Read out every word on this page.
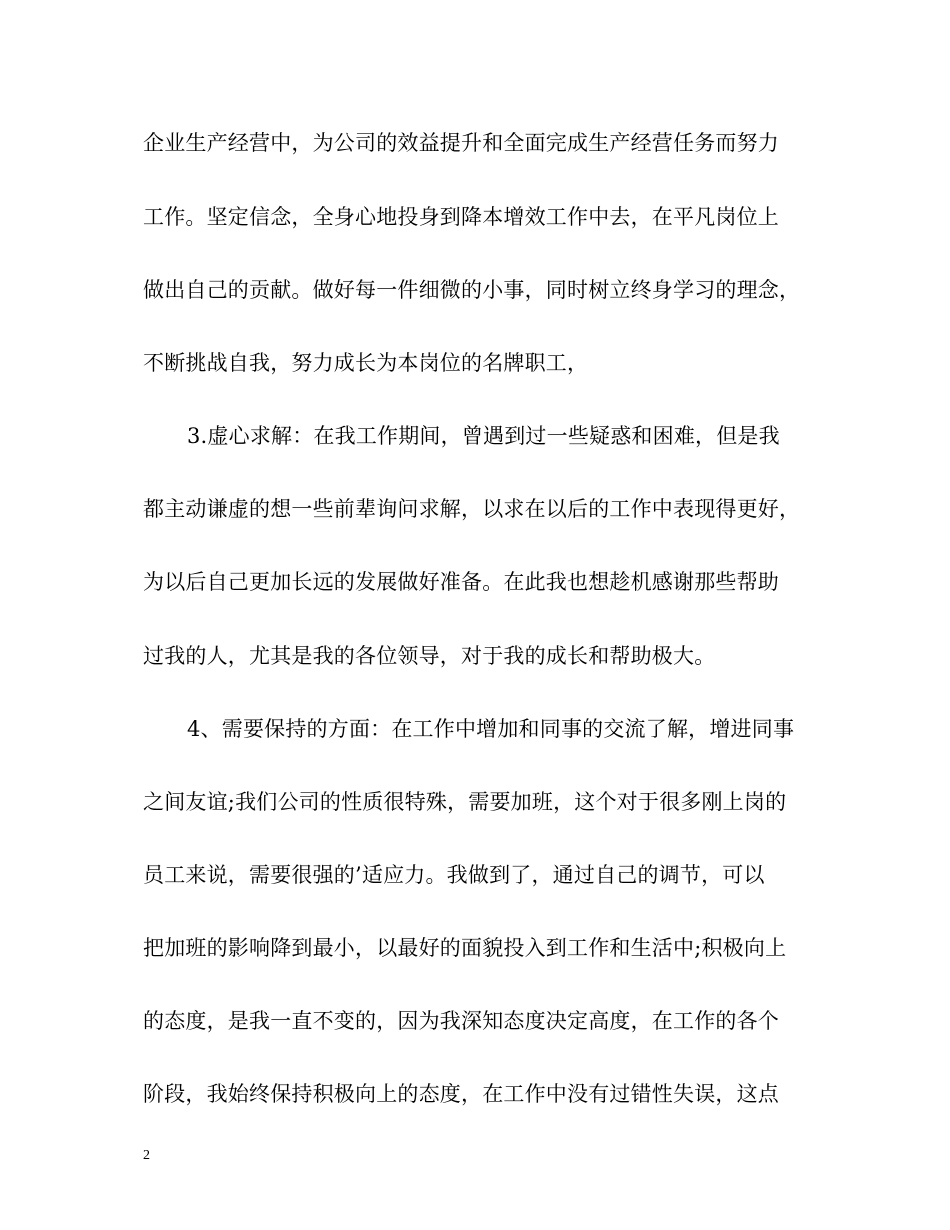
企业生产经营中，为公司的效益提升和全面完成生产经营任务而努力
工作。坚定信念，全身心地投身到降本增效工作中去，在平凡岗位上
做出自己的贡献。做好每一件细微的小事，同时树立终身学习的理念，
不断挑战自我，努力成长为本岗位的名牌职工，
3.虚心求解：在我工作期间，曾遇到过一些疑惑和困难，但是我
都主动谦虚的想一些前辈询问求解，以求在以后的工作中表现得更好，
为以后自己更加长远的发展做好准备。在此我也想趁机感谢那些帮助
过我的人，尤其是我的各位领导，对于我的成长和帮助极大。
4、需要保持的方面：在工作中增加和同事的交流了解，增进同事
之间友谊;我们公司的性质很特殊，需要加班，这个对于很多刚上岗的
员工来说，需要很强的’适应力。我做到了，通过自己的调节，可以
把加班的影响降到最小，以最好的面貌投入到工作和生活中;积极向上
的态度，是我一直不变的，因为我深知态度决定高度，在工作的各个
阶段，我始终保持积极向上的态度，在工作中没有过错性失误，这点
2
